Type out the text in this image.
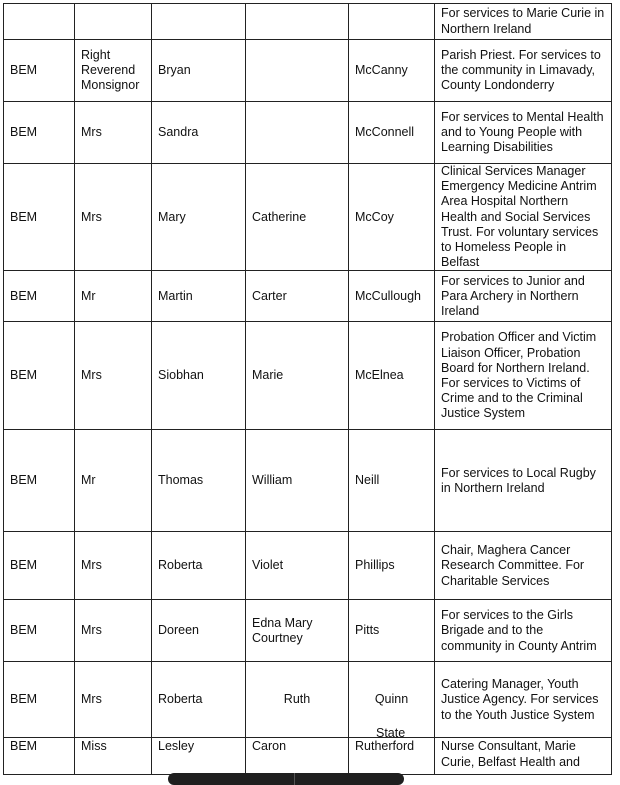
					For services to Marie Curie in Northern Ireland
BEM	Right Reverend Monsignor	Bryan		McCanny	Parish Priest. For services to the community in Limavady, County Londonderry
BEM	Mrs	Sandra		McConnell	For services to Mental Health and to Young People with Learning Disabilities
BEM	Mrs	Mary	Catherine	McCoy	Clinical Services Manager Emergency Medicine Antrim Area Hospital Northern Health and Social Services Trust. For voluntary services to Homeless People in Belfast
BEM	Mr	Martin	Carter	McCullough	For services to Junior and Para Archery in Northern Ireland
BEM	Mrs	Siobhan	Marie	McElnea	Probation Officer and Victim Liaison Officer, Probation Board for Northern Ireland. For services to Victims of Crime and to the Criminal Justice System
BEM	Mr	Thomas	William	Neill	For services to Local Rugby in Northern Ireland
BEM	Mrs	Roberta	Violet	Phillips	Chair, Maghera Cancer Research Committee. For Charitable Services
BEM	Mrs	Doreen	Edna Mary Courtney	Pitts	For services to the Girls Brigade and to the community in County Antrim
BEM	Mrs	Roberta	Ruth	Quinn	Catering Manager, Youth Justice Agency. For services to the Youth Justice System
BEM	Miss	Lesley	Caron	Rutherford	Nurse Consultant, Marie Curie, Belfast Health and
State
